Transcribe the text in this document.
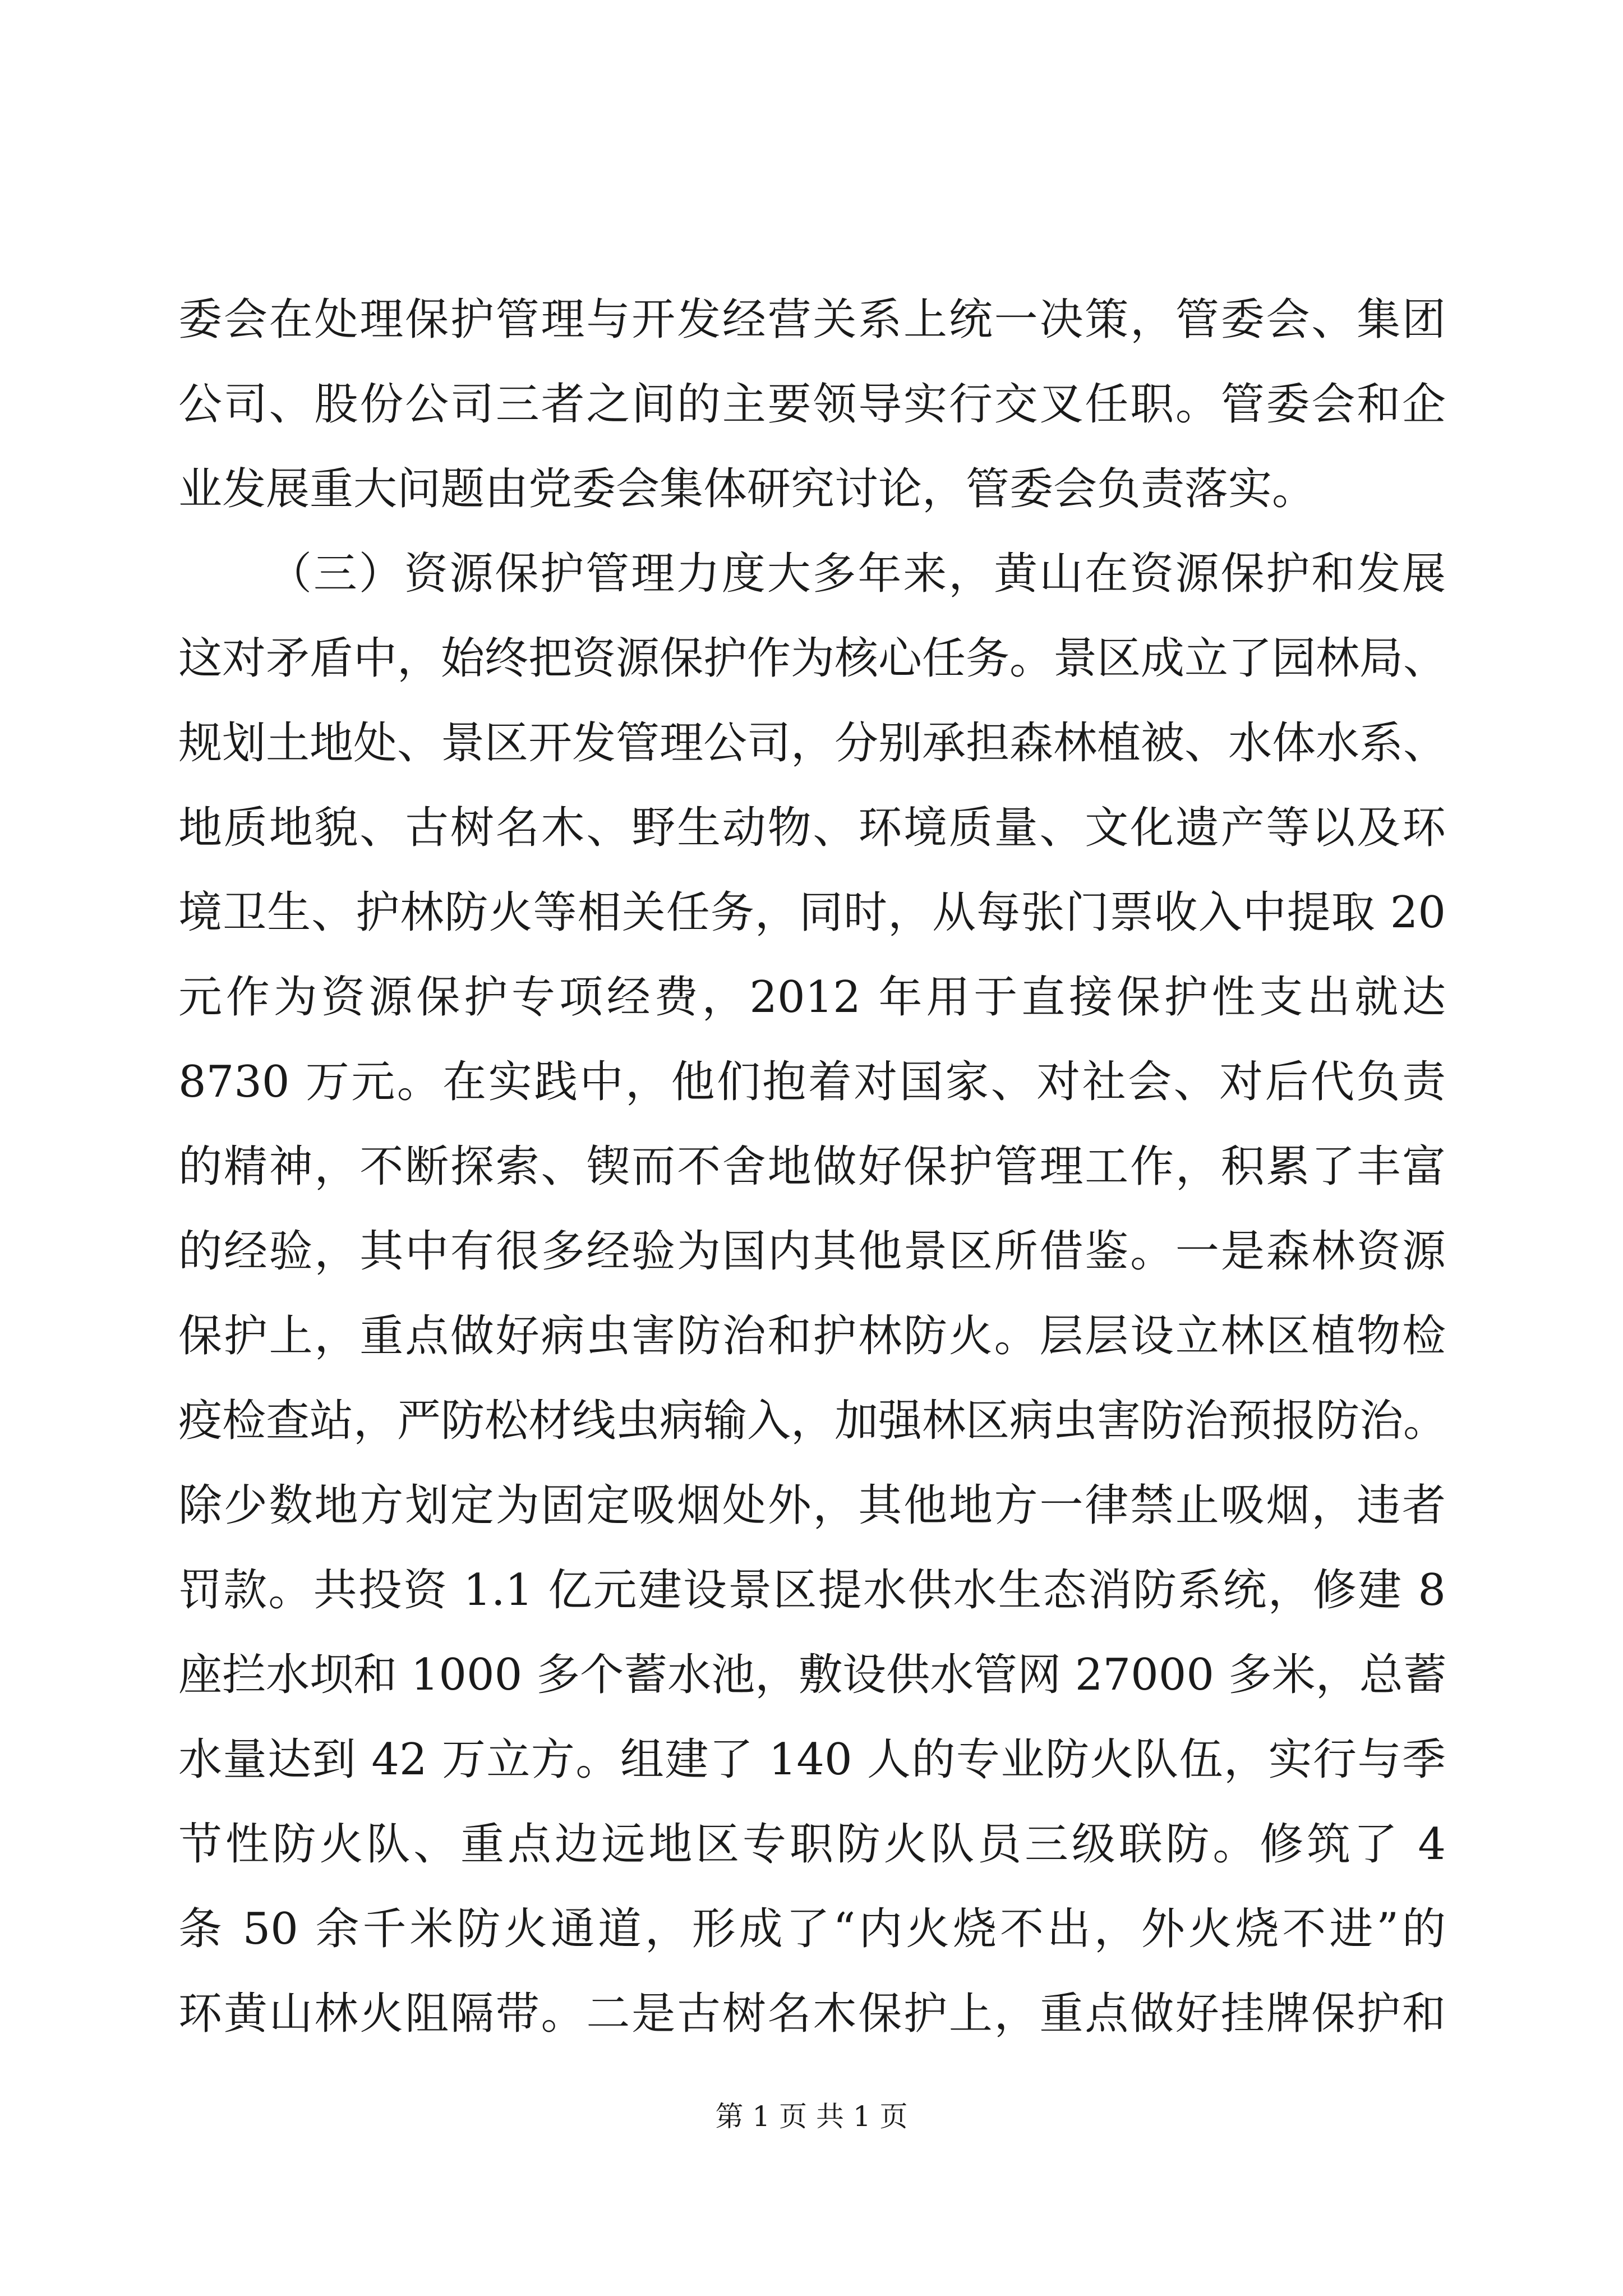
委会在处理保护管理与开发经营关系上统一决策，管委会、集团
公司、股份公司三者之间的主要领导实行交叉任职。管委会和企
业发展重大问题由党委会集体研究讨论，管委会负责落实。
（三）资源保护管理力度大多年来，黄山在资源保护和发展
这对矛盾中，始终把资源保护作为核心任务。景区成立了园林局、
规划土地处、景区开发管理公司，分别承担森林植被、水体水系、
地质地貌、古树名木、野生动物、环境质量、文化遗产等以及环
境卫生、护林防火等相关任务，同时，从每张门票收入中提取 20
元作为资源保护专项经费，2012 年用于直接保护性支出就达
8730 万元。在实践中，他们抱着对国家、对社会、对后代负责
的精神，不断探索、锲而不舍地做好保护管理工作，积累了丰富
的经验，其中有很多经验为国内其他景区所借鉴。一是森林资源
保护上，重点做好病虫害防治和护林防火。层层设立林区植物检
疫检查站，严防松材线虫病输入，加强林区病虫害防治预报防治。
除少数地方划定为固定吸烟处外，其他地方一律禁止吸烟，违者
罚款。共投资 1.1 亿元建设景区提水供水生态消防系统，修建 8
座拦水坝和 1000 多个蓄水池，敷设供水管网 27000 多米，总蓄
水量达到 42 万立方。组建了 140 人的专业防火队伍，实行与季
节性防火队、重点边远地区专职防火队员三级联防。修筑了 4
条 50 余千米防火通道，形成了“内火烧不出，外火烧不进”的
环黄山林火阻隔带。二是古树名木保护上，重点做好挂牌保护和
第 1 页 共 1 页
